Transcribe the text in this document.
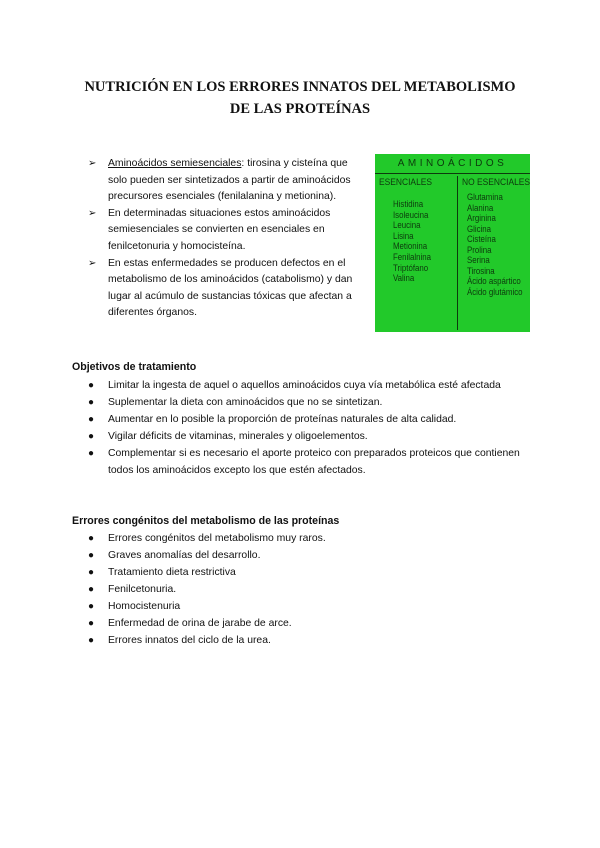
NUTRICIÓN EN LOS ERRORES INNATOS DEL METABOLISMO
DE LAS PROTEÍNAS
➢ Aminoácidos semiesenciales: tirosina y cisteína que solo pueden ser sintetizados a partir de aminoácidos precursores esenciales (fenilalanina y metionina).
➢ En determinadas situaciones estos aminoácidos semiesenciales se convierten en esenciales en fenilcetonuria y homocisteína.
➢ En estas enfermedades se producen defectos en el metabolismo de los aminoácidos (catabolismo) y dan lugar al acúmulo de sustancias tóxicas que afectan a diferentes órganos.
AMINOÁCIDOS
ESENCIALES
Histidina
Isoleucina
Leucina
Lisina
Metionina
Fenilalnina
Triptófano
Valina
NO ESENCIALES
Glutamina
Alanina
Arginina
Glicina
Cisteína
Prolina
Serina
Tirosina
Ácido aspártico
Ácido glutámico
Objetivos de tratamiento
● Limitar la ingesta de aquel o aquellos aminoácidos cuya vía metabólica esté afectada
● Suplementar la dieta con aminoácidos que no se sintetizan.
● Aumentar en lo posible la proporción de proteínas naturales de alta calidad.
● Vigilar déficits de vitaminas, minerales y oligoelementos.
● Complementar si es necesario el aporte proteico con preparados proteicos que contienen todos los aminoácidos excepto los que estén afectados.
Errores congénitos del metabolismo de las proteínas
● Errores congénitos del metabolismo muy raros.
● Graves anomalías del desarrollo.
● Tratamiento dieta restrictiva
● Fenilcetonuria.
● Homocistenuria
● Enfermedad de orina de jarabe de arce.
● Errores innatos del ciclo de la urea.
